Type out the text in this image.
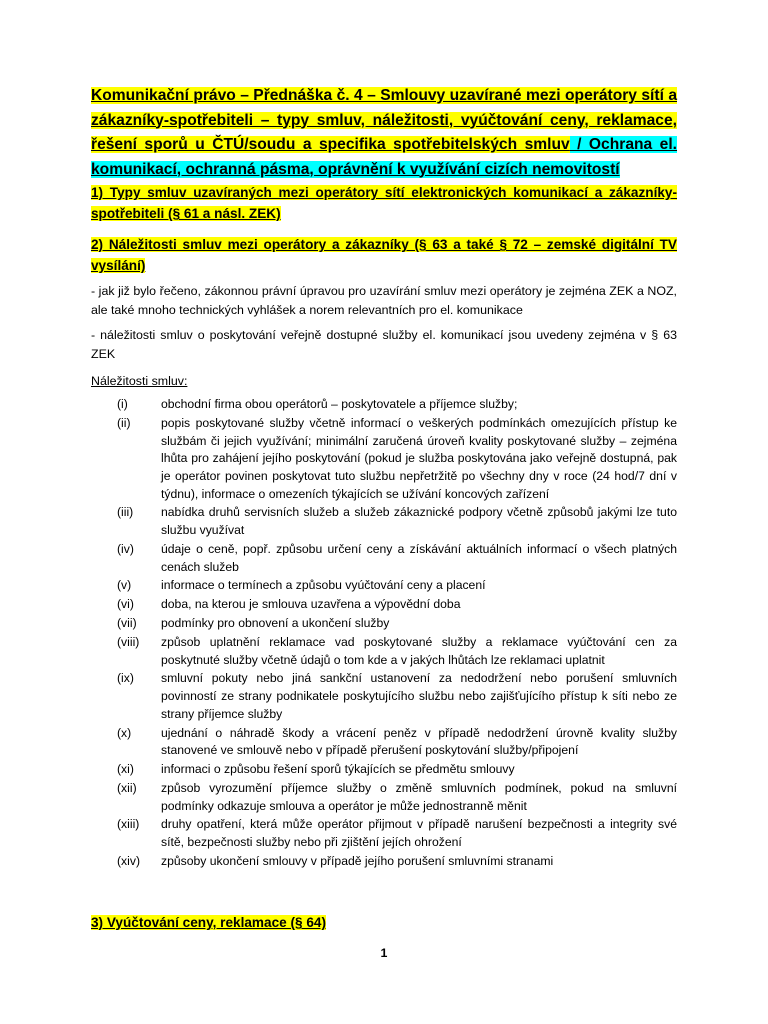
Komunikační právo – Přednáška č. 4 – Smlouvy uzavírané mezi operátory sítí a zákazníky-spotřebiteli – typy smluv, náležitosti, vyúčtování ceny, reklamace, řešení sporů u ČTÚ/soudu a specifika spotřebitelských smluv / Ochrana el. komunikací, ochranná pásma, oprávnění k využívání cizích nemovitostí
1) Typy smluv uzavíraných mezi operátory sítí elektronických komunikací a zákazníky-spotřebiteli (§ 61 a násl. ZEK)
2) Náležitosti smluv mezi operátory a zákazníky (§ 63 a také § 72 – zemské digitální TV vysílání)
- jak již bylo řečeno, zákonnou právní úpravou pro uzavírání smluv mezi operátory je zejména ZEK a NOZ, ale také mnoho technických vyhlášek a norem relevantních pro el. komunikace
- náležitosti smluv o poskytování veřejně dostupné služby el. komunikací jsou uvedeny zejména v § 63 ZEK
Náležitosti smluv:
(i)	obchodní firma obou operátorů – poskytovatele a příjemce služby;
(ii)	popis poskytované služby včetně informací o veškerých podmínkách omezujících přístup ke službám či jejich využívání; minimální zaručená úroveň kvality poskytované služby – zejména lhůta pro zahájení jejího poskytování (pokud je služba poskytována jako veřejně dostupná, pak je operátor povinen poskytovat tuto službu nepřetržitě po všechny dny v roce (24 hod/7 dní v týdnu), informace o omezeních týkajících se užívání koncových zařízení
(iii)	nabídka druhů servisních služeb a služeb zákaznické podpory včetně způsobů jakými lze tuto službu využívat
(iv)	údaje o ceně, popř. způsobu určení ceny a získávání aktuálních informací o všech platných cenách služeb
(v)	informace o termínech a způsobu vyúčtování ceny a placení
(vi)	doba, na kterou je smlouva uzavřena a výpovědní doba
(vii)	podmínky pro obnovení a ukončení služby
(viii)	způsob uplatnění reklamace vad poskytované služby a reklamace vyúčtování cen za poskytnuté služby včetně údajů o tom kde a v jakých lhůtách lze reklamaci uplatnit
(ix)	smluvní pokuty nebo jiná sankční ustanovení za nedodržení nebo porušení smluvních povinností ze strany podnikatele poskytujícího službu nebo zajišťujícího přístup k síti nebo ze strany příjemce služby
(x)	ujednání o náhradě škody a vrácení peněz v případě nedodržení úrovně kvality služby stanovené ve smlouvě nebo v případě přerušení poskytování služby/připojení
(xi)	informaci o způsobu řešení sporů týkajících se předmětu smlouvy
(xii)	způsob vyrozumění příjemce služby o změně smluvních podmínek, pokud na smluvní podmínky odkazuje smlouva a operátor je může jednostranně měnit
(xiii)	druhy opatření, která může operátor přijmout v případě narušení bezpečnosti a integrity své sítě, bezpečnosti služby nebo při zjištění jejích ohrožení
(xiv)	způsoby ukončení smlouvy v případě jejího porušení smluvními stranami
3) Vyúčtování ceny, reklamace (§ 64)
1
